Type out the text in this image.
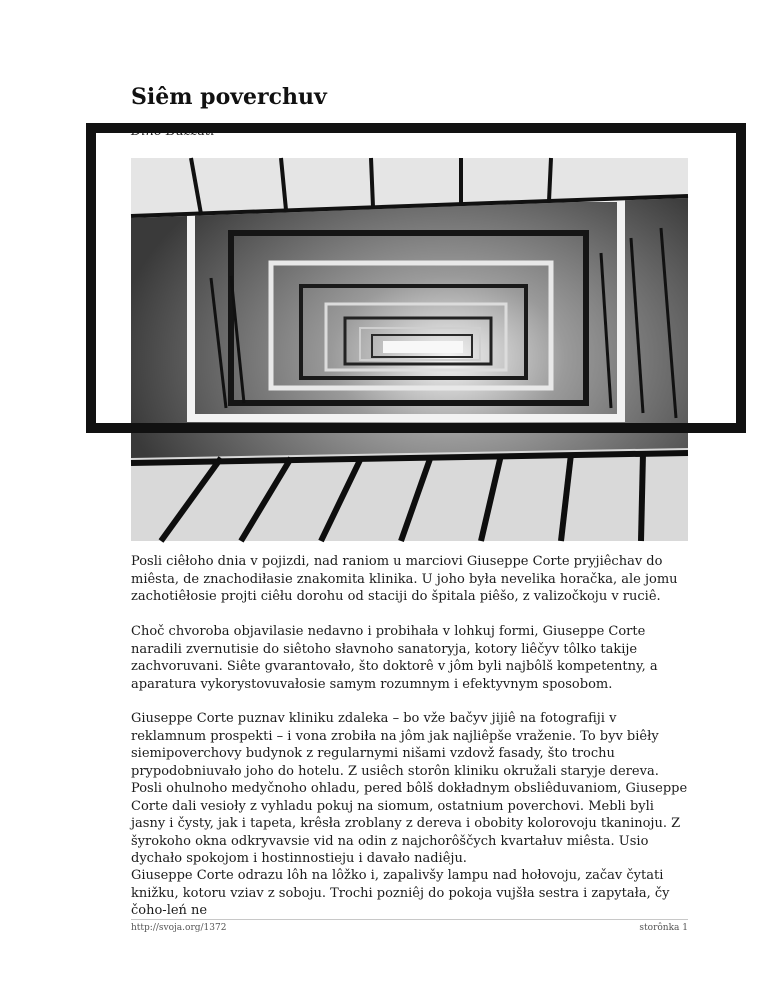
Siêm poverchuv

Dino Buzzati —

Posli ciêłoho dnia v pojizdi, nad raniom u marciovi Giuseppe Corte pryjiêchav do miêsta, de znachodiłasie znakomita klinika. U joho była nevelika horačka, ale jomu zachotiêłosie projti ciêłu dorohu od staciji do špitala piêšo, z valizočkoju v ruciê.

Choč chvoroba objavilasie nedavno i probihała v lohkuj formi, Giuseppe Corte naradili zvernutisie do siêtoho słavnoho sanatoryja, kotory liêčyv tôlko takije zachvoruvani. Siête gvarantovało, što doktorê v jôm byli najbôlš kompetentny, a aparatura vykorystovuvałosie samym rozumnym i efektyvnym sposobom.

Giuseppe Corte puznav kliniku zdaleka – bo vže bačyv jijiê na fotografiji v reklamnum prospekti – i vona zrobiła na jôm jak najliêpše vraženie. To byv biêły siemipoverchovy budynok z regularnymi nišami vzdovž fasady, što trochu prypodobniuvało joho do hotelu. Z usiêch storôn kliniku okružali staryje dereva.

Posli ohulnoho medyčnoho ohladu, pered bôlš dokładnym obsliêduvaniom, Giuseppe Corte dali vesioły z vyhladu pokuj na siomum, ostatnium poverchovi. Mebli byli jasny i čysty, jak i tapeta, krêsła zroblany z dereva i obobity kolorovoju tkaninoju. Z šyrokoho okna odkryvavsie vid na odin z najchorôščych kvartałuv miêsta. Usio dychało spokojom i hostinnostieju i davało nadiêju.

Giuseppe Corte odrazu lôh na lôžko i, zapalivšy lampu nad hołovoju, začav čytati knižku, kotoru vziav z soboju. Trochi pozniêj do pokoja vujšła sestra i zapytała, čy čoho-leń ne

http://svoja.org/1372	storônka 1
